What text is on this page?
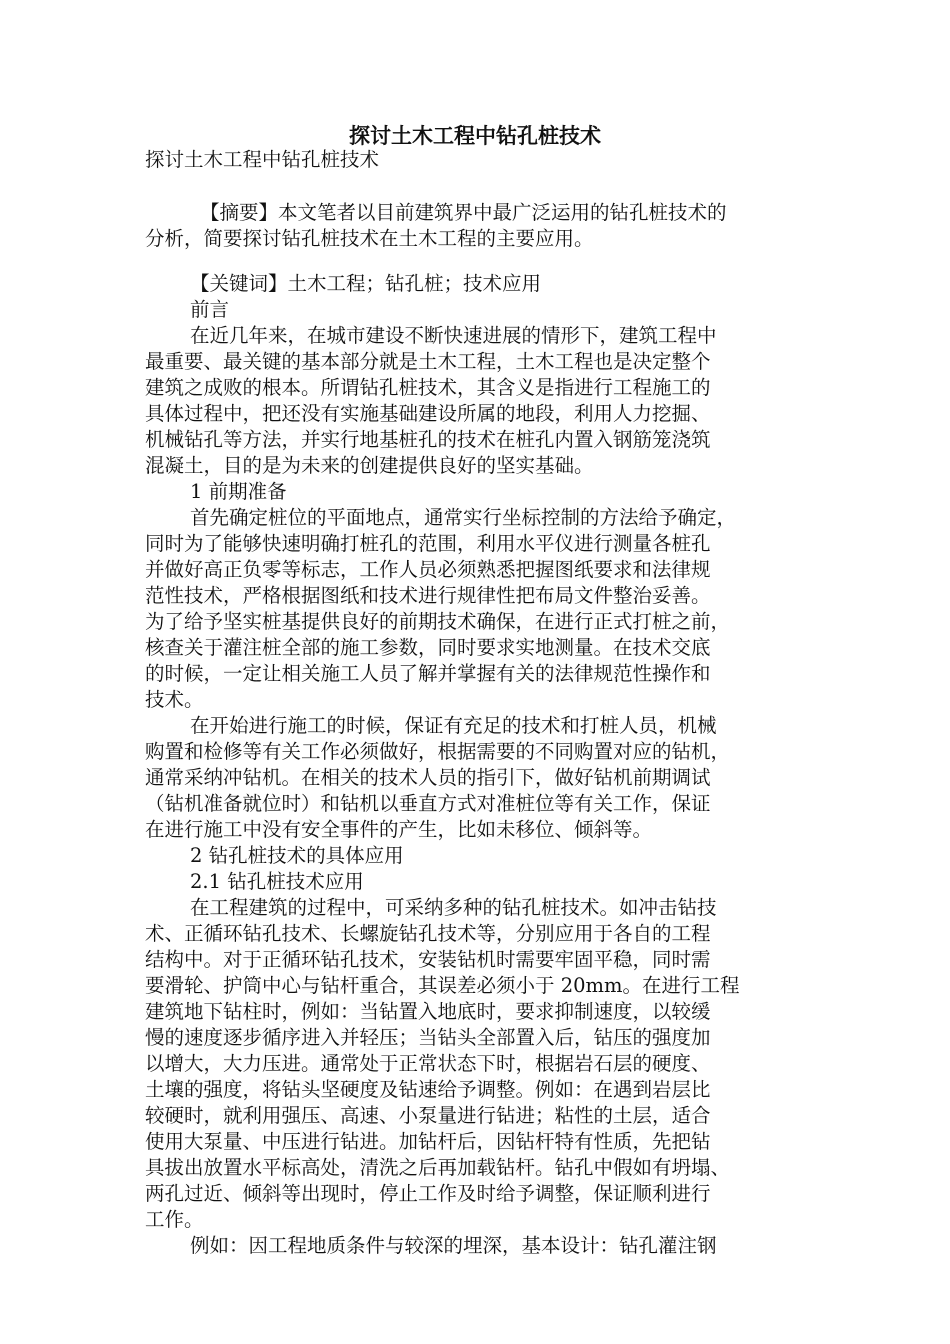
探讨土木工程中钻孔桩技术
探讨土木工程中钻孔桩技术
【摘要】本文笔者以目前建筑界中最广泛运用的钻孔桩技术的
分析，简要探讨钻孔桩技术在土木工程的主要应用。
【关键词】土木工程；钻孔桩；技术应用
前言
在近几年来，在城市建设不断快速进展的情形下，建筑工程中
最重要、最关键的基本部分就是土木工程，土木工程也是决定整个
建筑之成败的根本。所谓钻孔桩技术，其含义是指进行工程施工的
具体过程中，把还没有实施基础建设所属的地段，利用人力挖掘、
机械钻孔等方法，并实行地基桩孔的技术在桩孔内置入钢筋笼浇筑
混凝土，目的是为未来的创建提供良好的坚实基础。
1 前期准备
首先确定桩位的平面地点，通常实行坐标控制的方法给予确定，
同时为了能够快速明确打桩孔的范围，利用水平仪进行测量各桩孔
并做好高正负零等标志，工作人员必须熟悉把握图纸要求和法律规
范性技术，严格根据图纸和技术进行规律性把布局文件整治妥善。
为了给予坚实桩基提供良好的前期技术确保，在进行正式打桩之前，
核查关于灌注桩全部的施工参数，同时要求实地测量。在技术交底
的时候，一定让相关施工人员了解并掌握有关的法律规范性操作和
技术。
在开始进行施工的时候，保证有充足的技术和打桩人员，机械
购置和检修等有关工作必须做好，根据需要的不同购置对应的钻机，
通常采纳冲钻机。在相关的技术人员的指引下，做好钻机前期调试
（钻机准备就位时）和钻机以垂直方式对准桩位等有关工作，保证
在进行施工中没有安全事件的产生，比如未移位、倾斜等。
2 钻孔桩技术的具体应用
2.1 钻孔桩技术应用
在工程建筑的过程中，可采纳多种的钻孔桩技术。如冲击钻技
术、正循环钻孔技术、长螺旋钻孔技术等，分别应用于各自的工程
结构中。对于正循环钻孔技术，安装钻机时需要牢固平稳，同时需
要滑轮、护筒中心与钻杆重合，其误差必须小于 20mm。在进行工程
建筑地下钻柱时，例如：当钻置入地底时，要求抑制速度，以较缓
慢的速度逐步循序进入并轻压；当钻头全部置入后，钻压的强度加
以增大，大力压进。通常处于正常状态下时，根据岩石层的硬度、
土壤的强度，将钻头坚硬度及钻速给予调整。例如：在遇到岩层比
较硬时，就利用强压、高速、小泵量进行钻进；粘性的土层，适合
使用大泵量、中压进行钻进。加钻杆后，因钻杆特有性质，先把钻
具拔出放置水平标高处，清洗之后再加载钻杆。钻孔中假如有坍塌、
两孔过近、倾斜等出现时，停止工作及时给予调整，保证顺利进行
工作。
例如：因工程地质条件与较深的埋深，基本设计：钻孔灌注钢
